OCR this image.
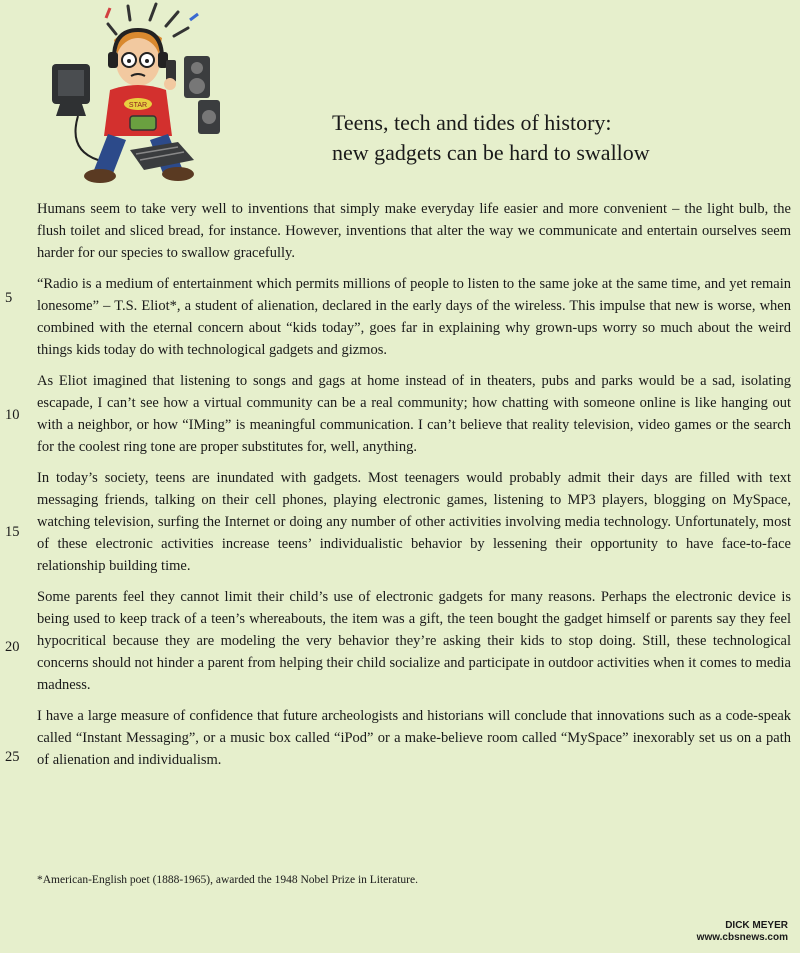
STAR
Teens, tech and tides of history:
new gadgets can be hard to swallow
5
10
15
20
25

Humans seem to take very well to inventions that simply make everyday life easier and more convenient – the light bulb, the flush toilet and sliced bread, for instance. However, inventions that alter the way we communicate and entertain ourselves seem harder for our species to swallow gracefully.

“Radio is a medium of entertainment which permits millions of people to listen to the same joke at the same time, and yet remain lonesome” – T.S. Eliot*, a student of alienation, declared in the early days of the wireless. This impulse that new is worse, when combined with the eternal concern about “kids today”, goes far in explaining why grown-ups worry so much about the weird things kids today do with technological gadgets and gizmos.

As Eliot imagined that listening to songs and gags at home instead of in theaters, pubs and parks would be a sad, isolating escapade, I can’t see how a virtual community can be a real community; how chatting with someone online is like hanging out with a neighbor, or how “IMing” is meaningful communication. I can’t believe that reality television, video games or the search for the coolest ring tone are proper substitutes for, well, anything.

In today’s society, teens are inundated with gadgets. Most teenagers would probably admit their days are filled with text messaging friends, talking on their cell phones, playing electronic games, listening to MP3 players, blogging on MySpace, watching television, surfing the Internet or doing any number of other activities involving media technology. Unfortunately, most of these electronic activities increase teens’ individualistic behavior by lessening their opportunity to have face-to-face relationship building time.

Some parents feel they cannot limit their child’s use of electronic gadgets for many reasons. Perhaps the electronic device is being used to keep track of a teen’s whereabouts, the item was a gift, the teen bought the gadget himself or parents say they feel hypocritical because they are modeling the very behavior they’re asking their kids to stop doing. Still, these technological concerns should not hinder a parent from helping their child socialize and participate in outdoor activities when it comes to media madness.

I have a large measure of confidence that future archeologists and historians will conclude that innovations such as a code-speak called “Instant Messaging”, or a music box called “iPod” or a make-believe room called “MySpace” inexorably set us on a path of alienation and individualism.

*American-English poet (1888-1965), awarded the 1948 Nobel Prize in Literature.
DICK MEYER
www.cbsnews.com
